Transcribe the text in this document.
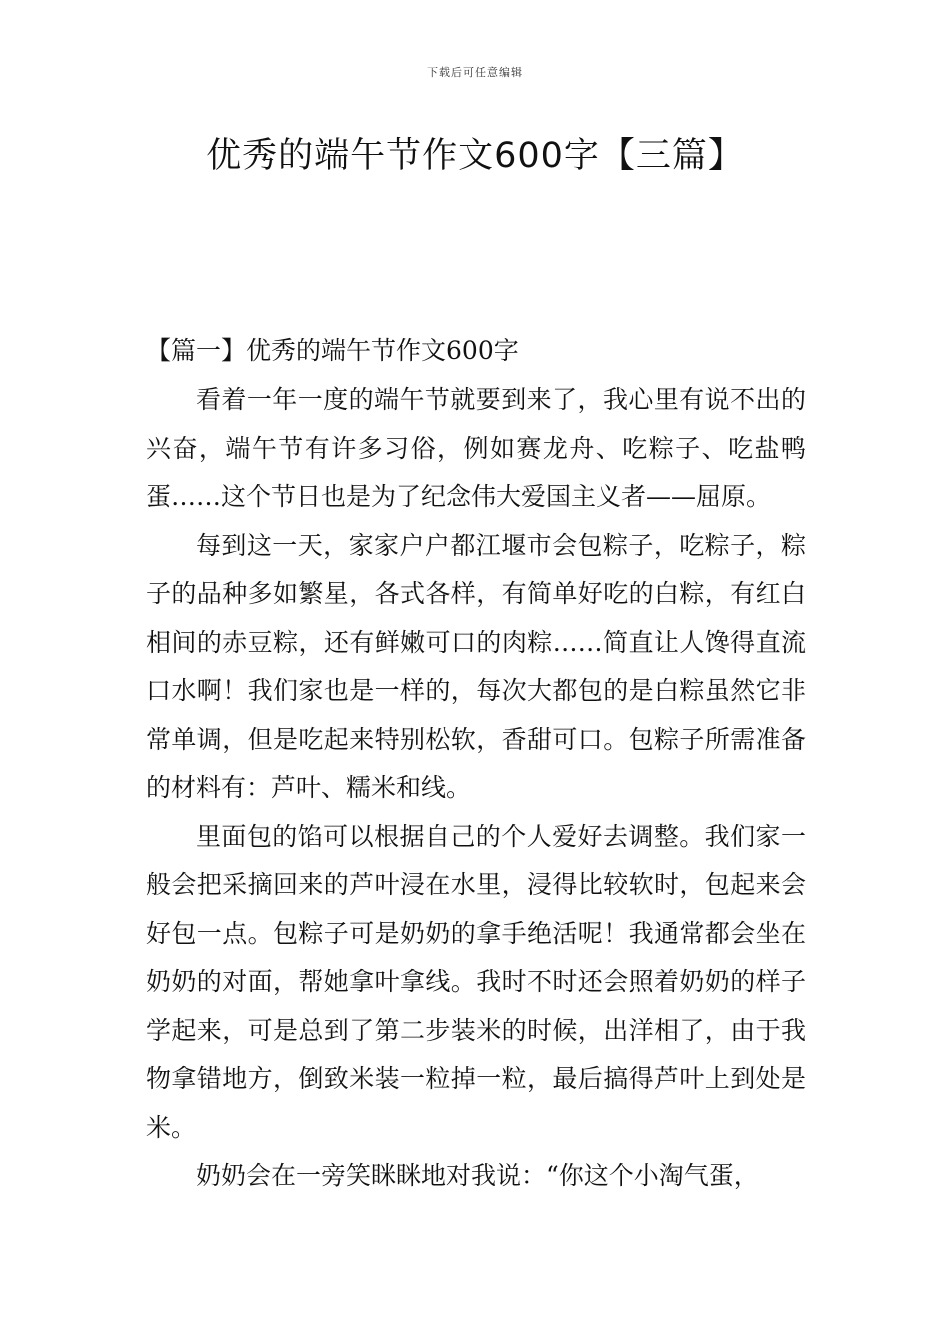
下载后可任意编辑
优秀的端午节作文600字【三篇】
【篇一】优秀的端午节作文600字

看着一年一度的端午节就要到来了，我心里有说不出的兴奋，端午节有许多习俗，例如赛龙舟、吃粽子、吃盐鸭蛋……这个节日也是为了纪念伟大爱国主义者——屈原。

每到这一天，家家户户都江堰市会包粽子，吃粽子，粽子的品种多如繁星，各式各样，有简单好吃的白粽，有红白相间的赤豆粽，还有鲜嫩可口的肉粽……简直让人馋得直流口水啊！我们家也是一样的，每次大都包的是白粽虽然它非常单调，但是吃起来特别松软，香甜可口。包粽子所需准备的材料有：芦叶、糯米和线。

里面包的馅可以根据自己的个人爱好去调整。我们家一般会把采摘回来的芦叶浸在水里，浸得比较软时，包起来会好包一点。包粽子可是奶奶的拿手绝活呢！我通常都会坐在奶奶的对面，帮她拿叶拿线。我时不时还会照着奶奶的样子学起来，可是总到了第二步装米的时候，出洋相了，由于我物拿错地方，倒致米装一粒掉一粒，最后搞得芦叶上到处是米。

奶奶会在一旁笑眯眯地对我说：“你这个小淘气蛋，
